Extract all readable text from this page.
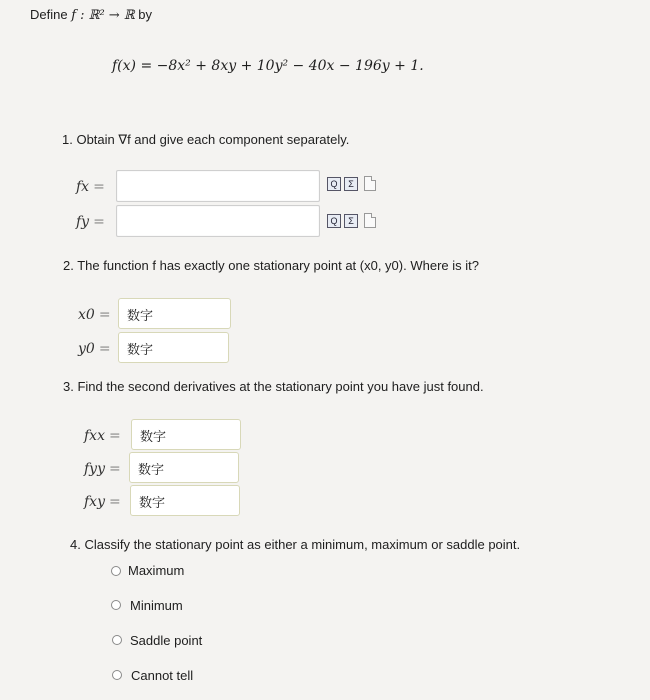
Define f : ℝ² → ℝ by
f(x) = −8x² + 8xy + 10y² − 40x − 196y + 1.
1. Obtain ∇f and give each component separately.
fx =	Q	Σ
fy =	Q	Σ
2. The function f has exactly one stationary point at (x0, y0). Where is it?
x0 =	数字
y0 =	数字
3. Find the second derivatives at the stationary point you have just found.
fxx =	数字
fyy =	数字
fxy =	数字
4. Classify the stationary point as either a minimum, maximum or saddle point.
Maximum
Minimum
Saddle point
Cannot tell
